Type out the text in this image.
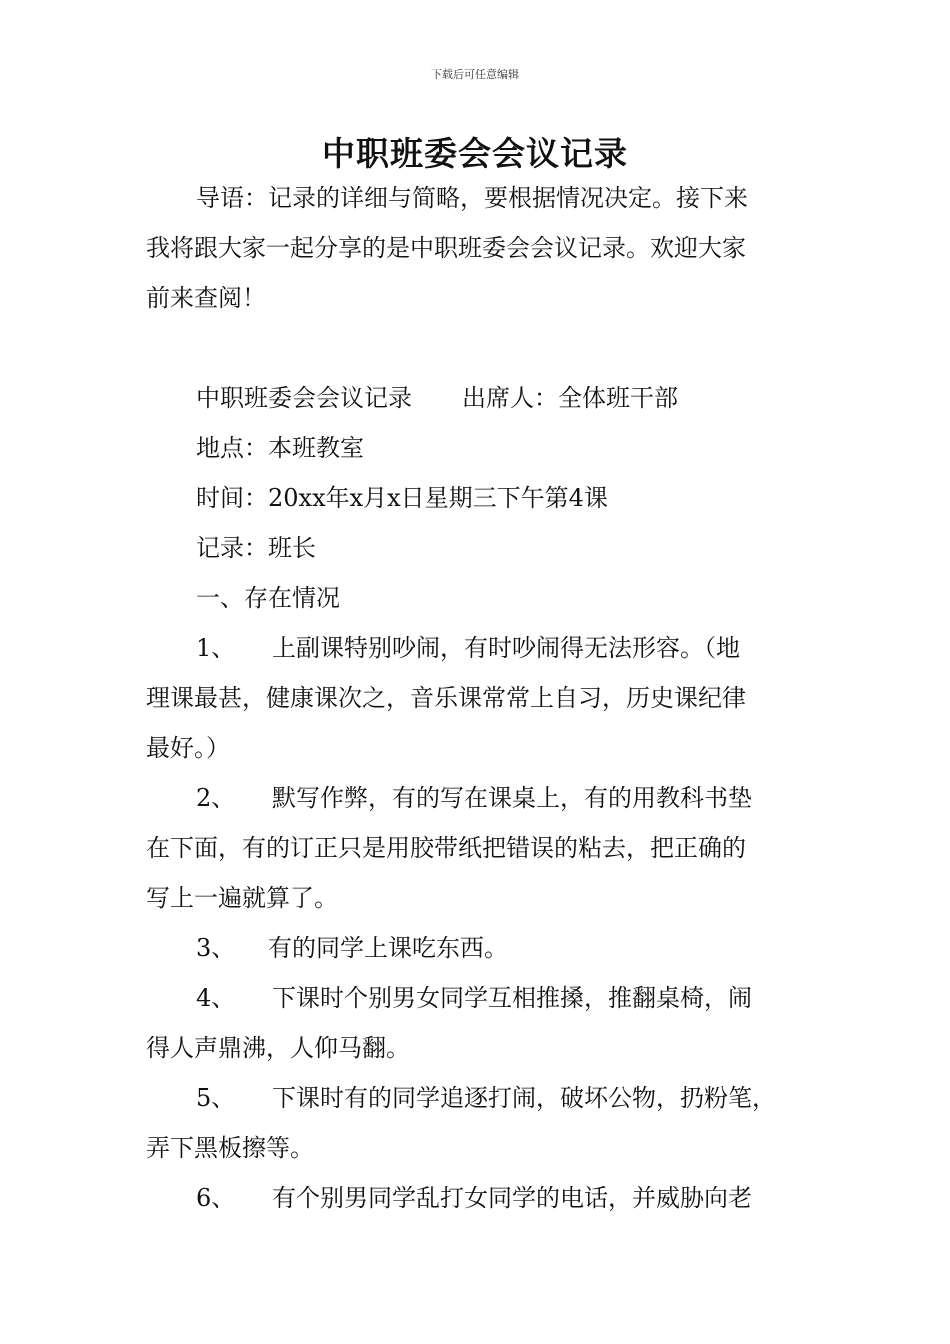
下载后可任意编辑
中职班委会会议记录
导语：记录的详细与简略，要根据情况决定。接下来
我将跟大家一起分享的是中职班委会会议记录。欢迎大家
前来查阅！
中职班委会会议记录 出席人：全体班干部
地点：本班教室
时间：20xx年x月x日星期三下午第4课
记录：班长
一、存在情况
1、 上副课特别吵闹，有时吵闹得无法形容。（地
理课最甚，健康课次之，音乐课常常上自习，历史课纪律
最好。）
2、 默写作弊，有的写在课桌上，有的用教科书垫
在下面，有的订正只是用胶带纸把错误的粘去，把正确的
写上一遍就算了。
3、 有的同学上课吃东西。
4、 下课时个别男女同学互相推搡，推翻桌椅，闹
得人声鼎沸，人仰马翻。
5、 下课时有的同学追逐打闹，破坏公物，扔粉笔，
弄下黑板擦等。
6、 有个别男同学乱打女同学的电话，并威胁向老
